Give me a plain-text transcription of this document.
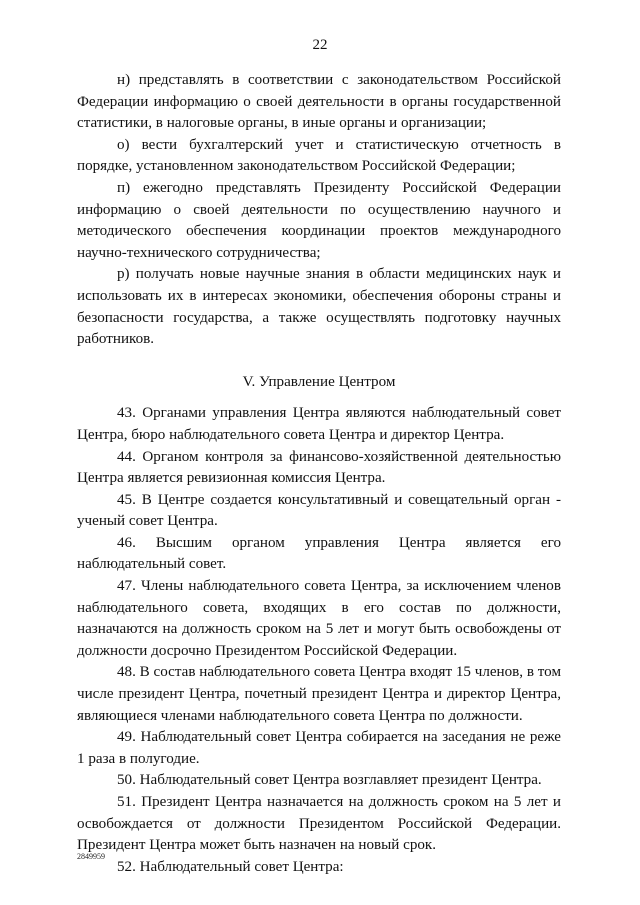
22

н) представлять в соответствии с законодательством Российской Федерации информацию о своей деятельности в органы государственной статистики, в налоговые органы, в иные органы и организации;

о) вести бухгалтерский учет и статистическую отчетность в порядке, установленном законодательством Российской Федерации;

п) ежегодно представлять Президенту Российской Федерации информацию о своей деятельности по осуществлению научного и методического обеспечения координации проектов международного научно-технического сотрудничества;

р) получать новые научные знания в области медицинских наук и использовать их в интересах экономики, обеспечения обороны страны и безопасности государства, а также осуществлять подготовку научных работников.

V. Управление Центром

43. Органами управления Центра являются наблюдательный совет Центра, бюро наблюдательного совета Центра и директор Центра.

44. Органом контроля за финансово-хозяйственной деятельностью Центра является ревизионная комиссия Центра.

45. В Центре создается консультативный и совещательный орган - ученый совет Центра.

46. Высшим органом управления Центра является его наблюдательный совет.

47. Члены наблюдательного совета Центра, за исключением членов наблюдательного совета, входящих в его состав по должности, назначаются на должность сроком на 5 лет и могут быть освобождены от должности досрочно Президентом Российской Федерации.

48. В состав наблюдательного совета Центра входят 15 членов, в том числе президент Центра, почетный президент Центра и директор Центра, являющиеся членами наблюдательного совета Центра по должности.

49. Наблюдательный совет Центра собирается на заседания не реже 1 раза в полугодие.

50. Наблюдательный совет Центра возглавляет президент Центра.

51. Президент Центра назначается на должность сроком на 5 лет и освобождается от должности Президентом Российской Федерации. Президент Центра может быть назначен на новый срок.

52. Наблюдательный совет Центра:

2849959
